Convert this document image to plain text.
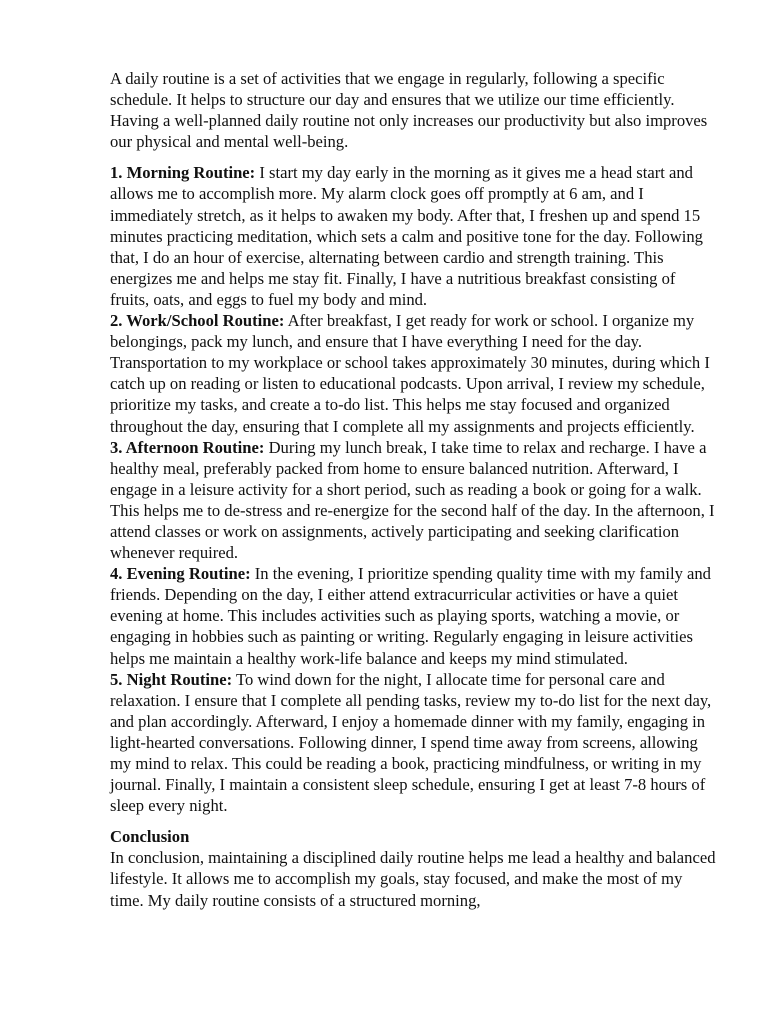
A daily routine is a set of activities that we engage in regularly, following a specific schedule. It helps to structure our day and ensures that we utilize our time efficiently. Having a well-planned daily routine not only increases our productivity but also improves our physical and mental well-being.

1. Morning Routine: I start my day early in the morning as it gives me a head start and allows me to accomplish more. My alarm clock goes off promptly at 6 am, and I immediately stretch, as it helps to awaken my body. After that, I freshen up and spend 15 minutes practicing meditation, which sets a calm and positive tone for the day. Following that, I do an hour of exercise, alternating between cardio and strength training. This energizes me and helps me stay fit. Finally, I have a nutritious breakfast consisting of fruits, oats, and eggs to fuel my body and mind.

2. Work/School Routine: After breakfast, I get ready for work or school. I organize my belongings, pack my lunch, and ensure that I have everything I need for the day. Transportation to my workplace or school takes approximately 30 minutes, during which I catch up on reading or listen to educational podcasts. Upon arrival, I review my schedule, prioritize my tasks, and create a to-do list. This helps me stay focused and organized throughout the day, ensuring that I complete all my assignments and projects efficiently.

3. Afternoon Routine: During my lunch break, I take time to relax and recharge. I have a healthy meal, preferably packed from home to ensure balanced nutrition. Afterward, I engage in a leisure activity for a short period, such as reading a book or going for a walk. This helps me to de-stress and re-energize for the second half of the day. In the afternoon, I attend classes or work on assignments, actively participating and seeking clarification whenever required.

4. Evening Routine: In the evening, I prioritize spending quality time with my family and friends. Depending on the day, I either attend extracurricular activities or have a quiet evening at home. This includes activities such as playing sports, watching a movie, or engaging in hobbies such as painting or writing. Regularly engaging in leisure activities helps me maintain a healthy work-life balance and keeps my mind stimulated.

5. Night Routine: To wind down for the night, I allocate time for personal care and relaxation. I ensure that I complete all pending tasks, review my to-do list for the next day, and plan accordingly. Afterward, I enjoy a homemade dinner with my family, engaging in light-hearted conversations. Following dinner, I spend time away from screens, allowing my mind to relax. This could be reading a book, practicing mindfulness, or writing in my journal. Finally, I maintain a consistent sleep schedule, ensuring I get at least 7-8 hours of sleep every night.

Conclusion

In conclusion, maintaining a disciplined daily routine helps me lead a healthy and balanced lifestyle. It allows me to accomplish my goals, stay focused, and make the most of my time. My daily routine consists of a structured morning,
